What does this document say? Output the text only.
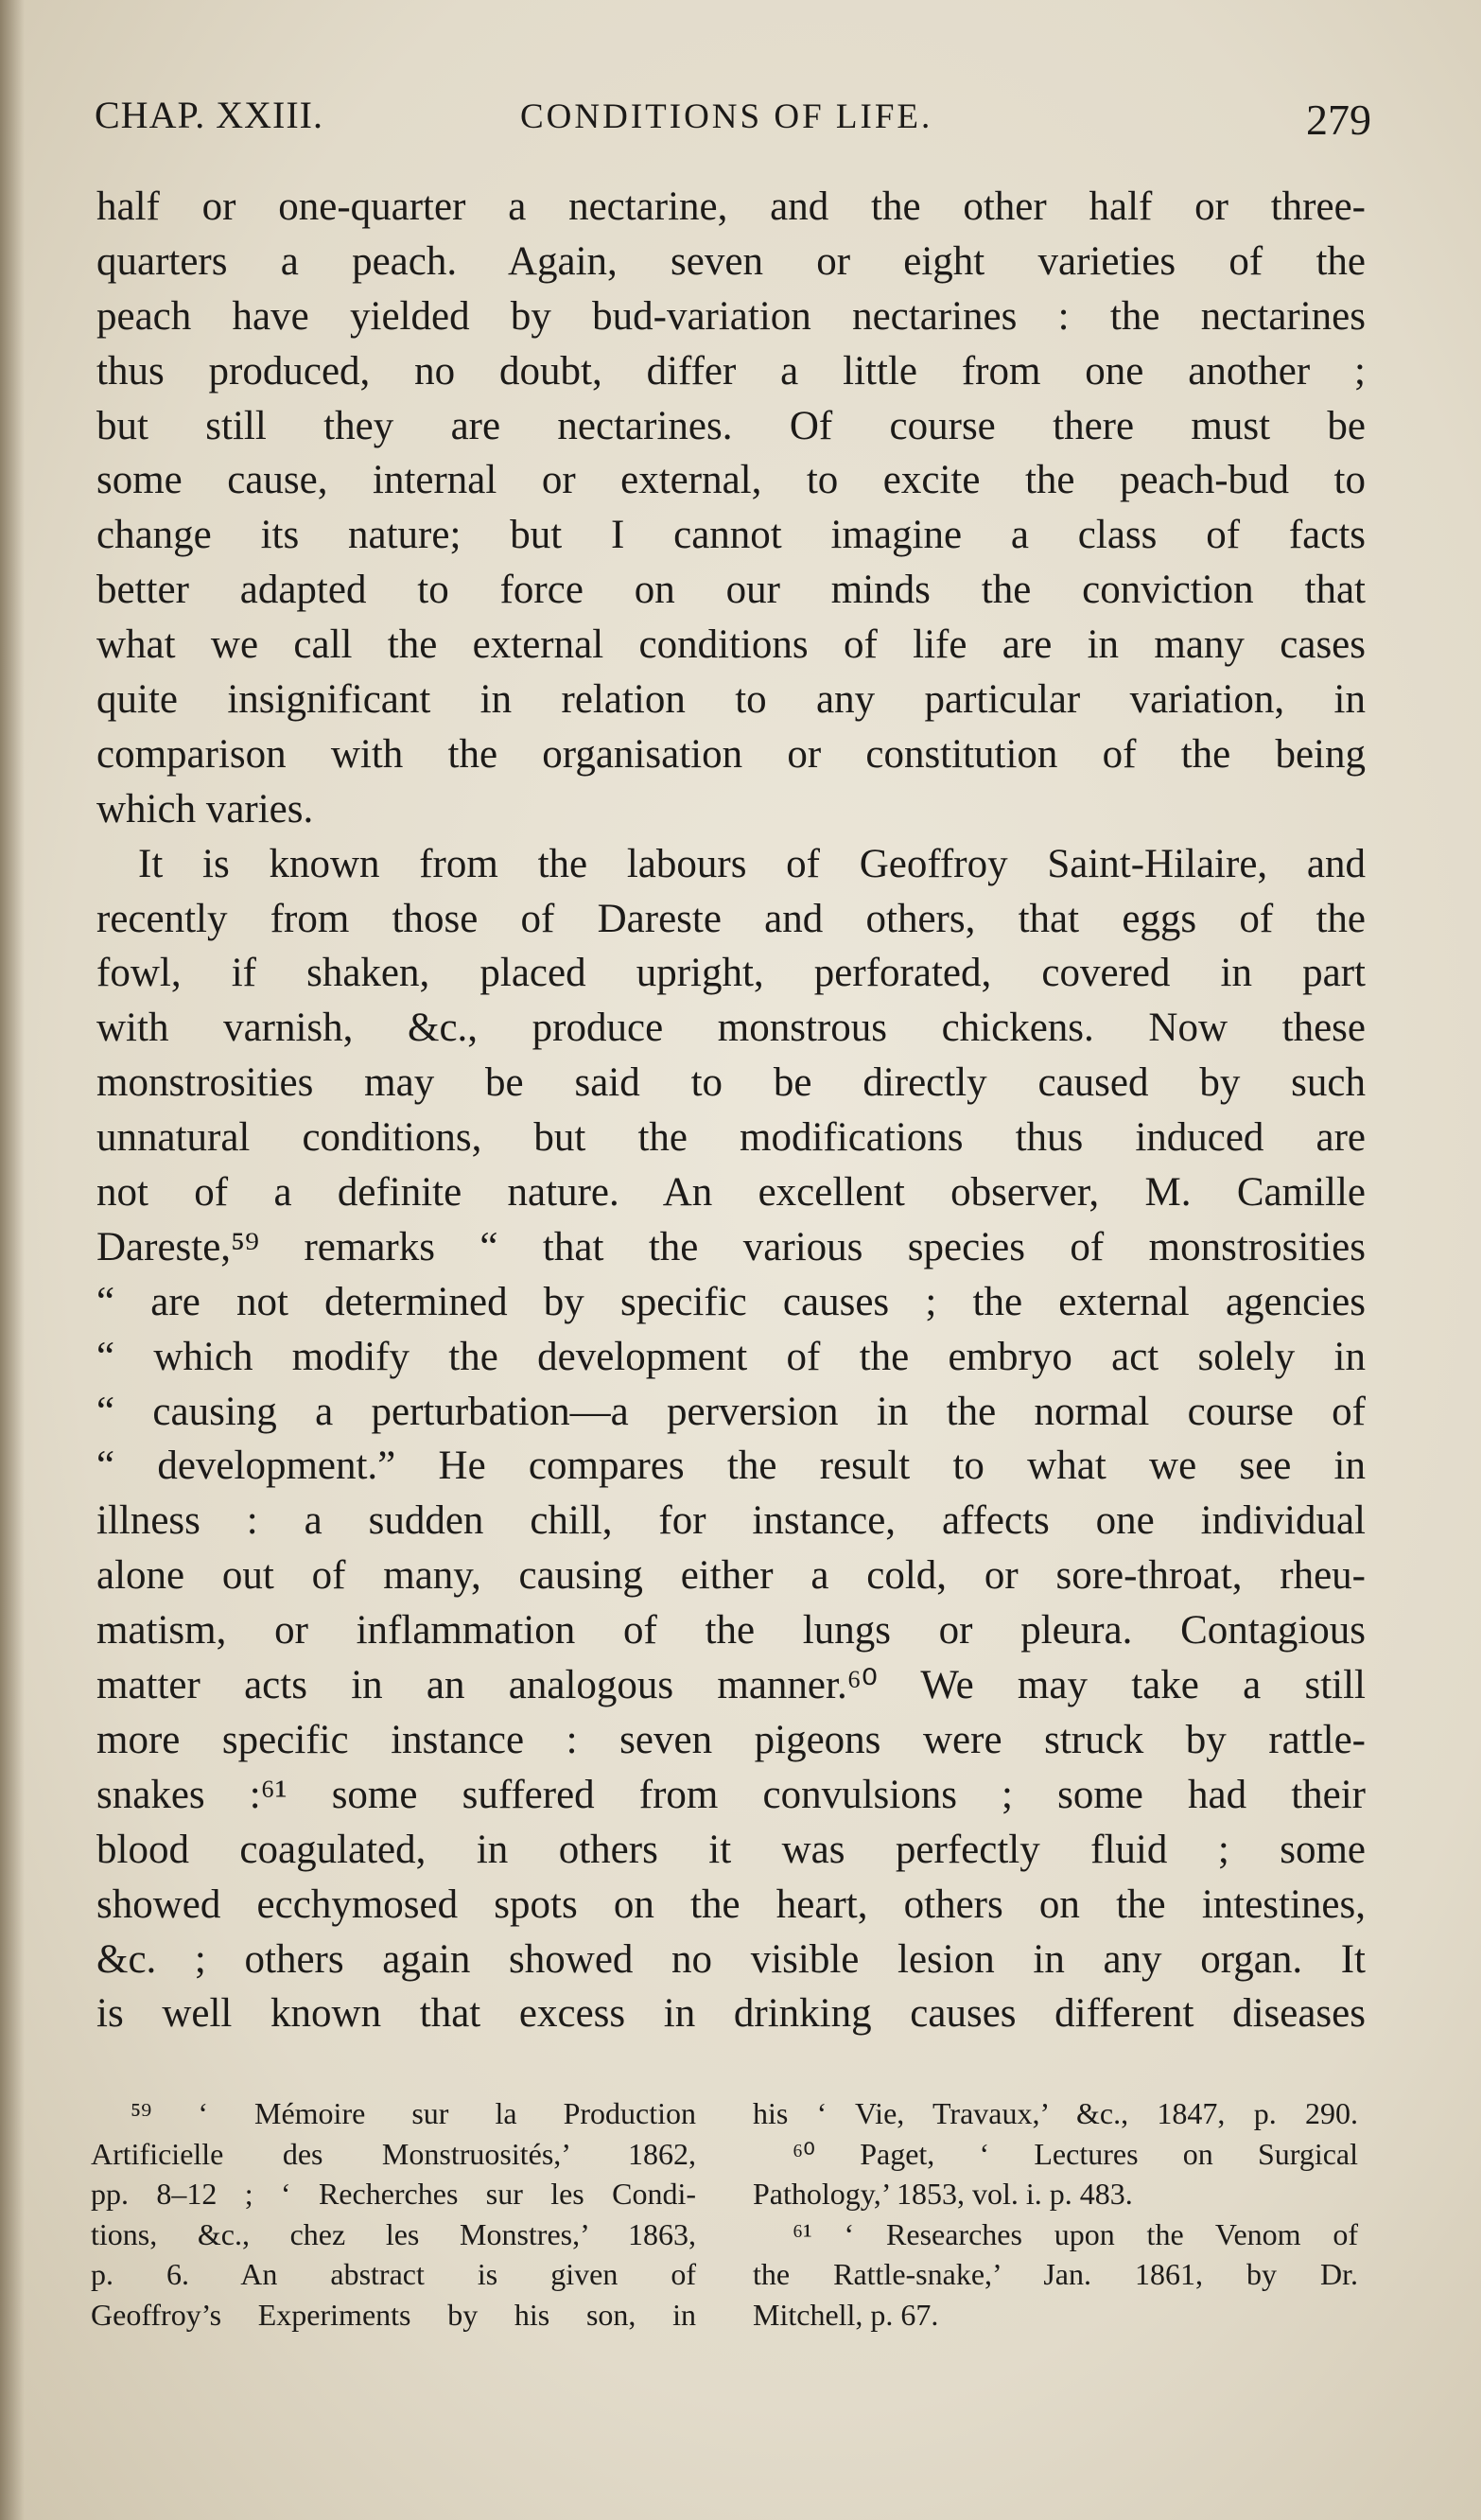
CHAP. XXIII.	CONDITIONS OF LIFE.	279
half or one-quarter a nectarine, and the other half or three-
quarters a peach. Again, seven or eight varieties of the
peach have yielded by bud-variation nectarines : the nectarines
thus produced, no doubt, differ a little from one another ;
but still they are nectarines. Of course there must be
some cause, internal or external, to excite the peach-bud to
change its nature; but I cannot imagine a class of facts
better adapted to force on our minds the conviction that
what we call the external conditions of life are in many cases
quite insignificant in relation to any particular variation, in
comparison with the organisation or constitution of the being
which varies.
It is known from the labours of Geoffroy Saint-Hilaire, and
recently from those of Dareste and others, that eggs of the
fowl, if shaken, placed upright, perforated, covered in part
with varnish, &c., produce monstrous chickens. Now these
monstrosities may be said to be directly caused by such
unnatural conditions, but the modifications thus induced are
not of a definite nature. An excellent observer, M. Camille
Dareste,⁵⁹ remarks “ that the various species of monstrosities
“ are not determined by specific causes ; the external agencies
“ which modify the development of the embryo act solely in
“ causing a perturbation—a perversion in the normal course of
“ development.” He compares the result to what we see in
illness : a sudden chill, for instance, affects one individual
alone out of many, causing either a cold, or sore-throat, rheu-
matism, or inflammation of the lungs or pleura. Contagious
matter acts in an analogous manner.⁶⁰ We may take a still
more specific instance : seven pigeons were struck by rattle-
snakes :⁶¹ some suffered from convulsions ; some had their
blood coagulated, in others it was perfectly fluid ; some
showed ecchymosed spots on the heart, others on the intestines,
&c. ; others again showed no visible lesion in any organ. It
is well known that excess in drinking causes different diseases
⁵⁹ ‘ Mémoire sur la Production
Artificielle des Monstruosités,’ 1862,
pp. 8–12 ; ‘ Recherches sur les Condi-
tions, &c., chez les Monstres,’ 1863,
p. 6. An abstract is given of
Geoffroy’s Experiments by his son, in
his ‘ Vie, Travaux,’ &c., 1847, p. 290.
⁶⁰ Paget, ‘ Lectures on Surgical
Pathology,’ 1853, vol. i. p. 483.
⁶¹ ‘ Researches upon the Venom of
the Rattle-snake,’ Jan. 1861, by Dr.
Mitchell, p. 67.
